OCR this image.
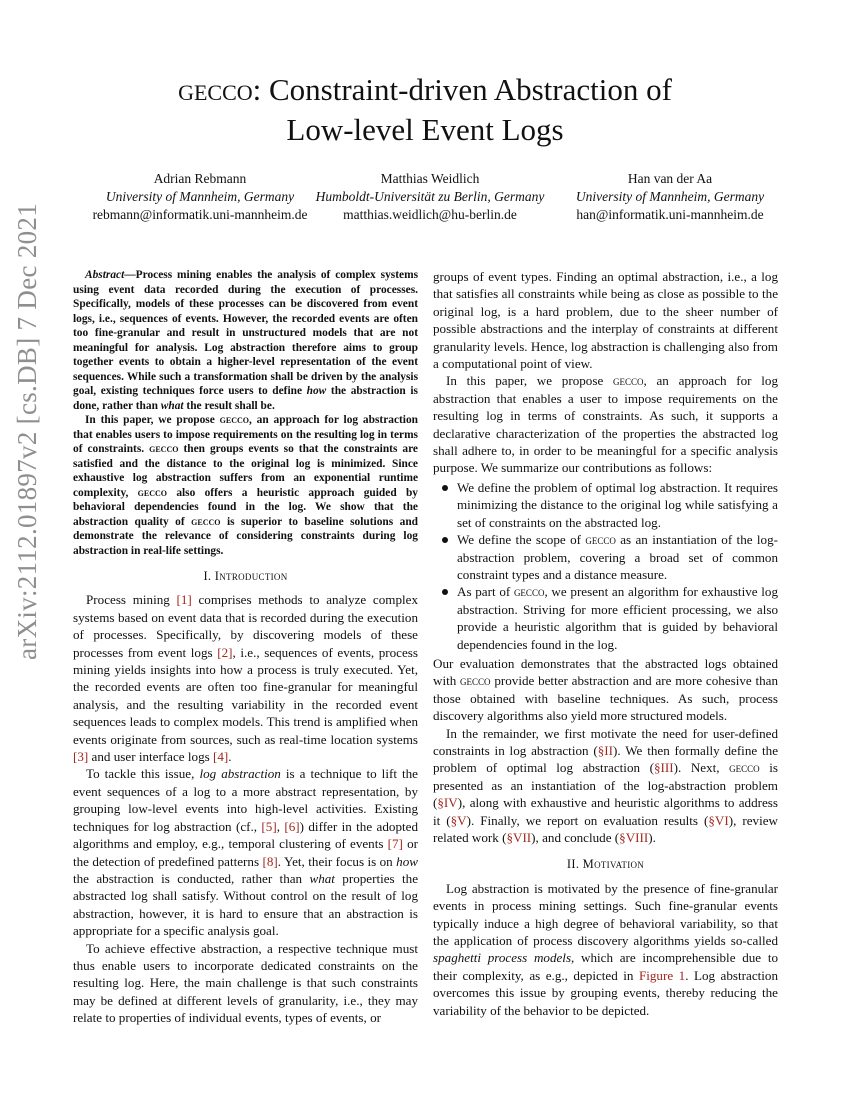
arXiv:2112.01897v2 [cs.DB] 7 Dec 2021
gecco: Constraint-driven Abstraction of
Low-level Event Logs
Adrian Rebmann
University of Mannheim, Germany
rebmann@informatik.uni-mannheim.de
Matthias Weidlich
Humboldt-Universität zu Berlin, Germany
matthias.weidlich@hu-berlin.de
Han van der Aa
University of Mannheim, Germany
han@informatik.uni-mannheim.de

Abstract—Process mining enables the analysis of complex systems using event data recorded during the execution of processes. Specifically, models of these processes can be discovered from event logs, i.e., sequences of events. However, the recorded events are often too fine-granular and result in unstructured models that are not meaningful for analysis. Log abstraction therefore aims to group together events to obtain a higher-level representation of the event sequences. While such a transformation shall be driven by the analysis goal, existing techniques force users to define how the abstraction is done, rather than what the result shall be.

In this paper, we propose gecco, an approach for log abstraction that enables users to impose requirements on the resulting log in terms of constraints. gecco then groups events so that the constraints are satisfied and the distance to the original log is minimized. Since exhaustive log abstraction suffers from an exponential runtime complexity, gecco also offers a heuristic approach guided by behavioral dependencies found in the log. We show that the abstraction quality of gecco is superior to baseline solutions and demonstrate the relevance of considering constraints during log abstraction in real-life settings.

I. Introduction

Process mining [1] comprises methods to analyze complex systems based on event data that is recorded during the execution of processes. Specifically, by discovering models of these processes from event logs [2], i.e., sequences of events, process mining yields insights into how a process is truly executed. Yet, the recorded events are often too fine-granular for meaningful analysis, and the resulting variability in the recorded event sequences leads to complex models. This trend is amplified when events originate from sources, such as real-time location systems [3] and user interface logs [4].

To tackle this issue, log abstraction is a technique to lift the event sequences of a log to a more abstract representation, by grouping low-level events into high-level activities. Existing techniques for log abstraction (cf., [5], [6]) differ in the adopted algorithms and employ, e.g., temporal clustering of events [7] or the detection of predefined patterns [8]. Yet, their focus is on how the abstraction is conducted, rather than what properties the abstracted log shall satisfy. Without control on the result of log abstraction, however, it is hard to ensure that an abstraction is appropriate for a specific analysis goal.

To achieve effective abstraction, a respective technique must thus enable users to incorporate dedicated constraints on the resulting log. Here, the main challenge is that such constraints may be defined at different levels of granularity, i.e., they may relate to properties of individual events, types of events, or

groups of event types. Finding an optimal abstraction, i.e., a log that satisfies all constraints while being as close as possible to the original log, is a hard problem, due to the sheer number of possible abstractions and the interplay of constraints at different granularity levels. Hence, log abstraction is challenging also from a computational point of view.

In this paper, we propose gecco, an approach for log abstraction that enables a user to impose requirements on the resulting log in terms of constraints. As such, it supports a declarative characterization of the properties the abstracted log shall adhere to, in order to be meaningful for a specific analysis purpose. We summarize our contributions as follows:

We define the problem of optimal log abstraction. It requires minimizing the distance to the original log while satisfying a set of constraints on the abstracted log.
We define the scope of gecco as an instantiation of the log-abstraction problem, covering a broad set of common constraint types and a distance measure.
As part of gecco, we present an algorithm for exhaustive log abstraction. Striving for more efficient processing, we also provide a heuristic algorithm that is guided by behavioral dependencies found in the log.

Our evaluation demonstrates that the abstracted logs obtained with gecco provide better abstraction and are more cohesive than those obtained with baseline techniques. As such, process discovery algorithms also yield more structured models.

In the remainder, we first motivate the need for user-defined constraints in log abstraction (§II). We then formally define the problem of optimal log abstraction (§III). Next, gecco is presented as an instantiation of the log-abstraction problem (§IV), along with exhaustive and heuristic algorithms to address it (§V). Finally, we report on evaluation results (§VI), review related work (§VII), and conclude (§VIII).

II. Motivation

Log abstraction is motivated by the presence of fine-granular events in process mining settings. Such fine-granular events typically induce a high degree of behavioral variability, so that the application of process discovery algorithms yields so-called spaghetti process models, which are incomprehensible due to their complexity, as e.g., depicted in Figure 1. Log abstraction overcomes this issue by grouping events, thereby reducing the variability of the behavior to be depicted.
